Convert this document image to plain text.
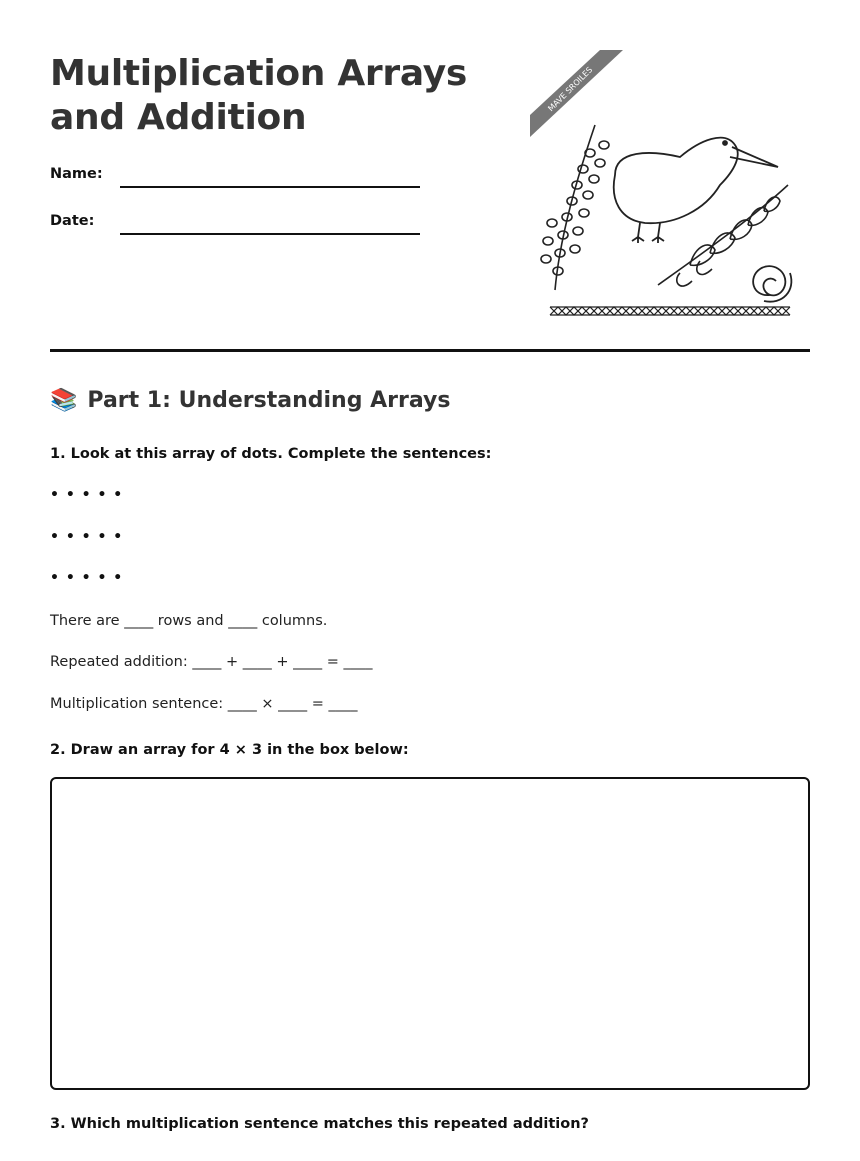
Multiplication Arrays
and Addition
Name:
Date:
MAVE SROILES
📚 Part 1: Understanding Arrays
1. Look at this array of dots. Complete the sentences:
• • • • •
• • • • •
• • • • •
There are ____ rows and ____ columns.
Repeated addition: ____ + ____ + ____ = ____
Multiplication sentence: ____ × ____ = ____
2. Draw an array for 4 × 3 in the box below:
3. Which multiplication sentence matches this repeated addition?
